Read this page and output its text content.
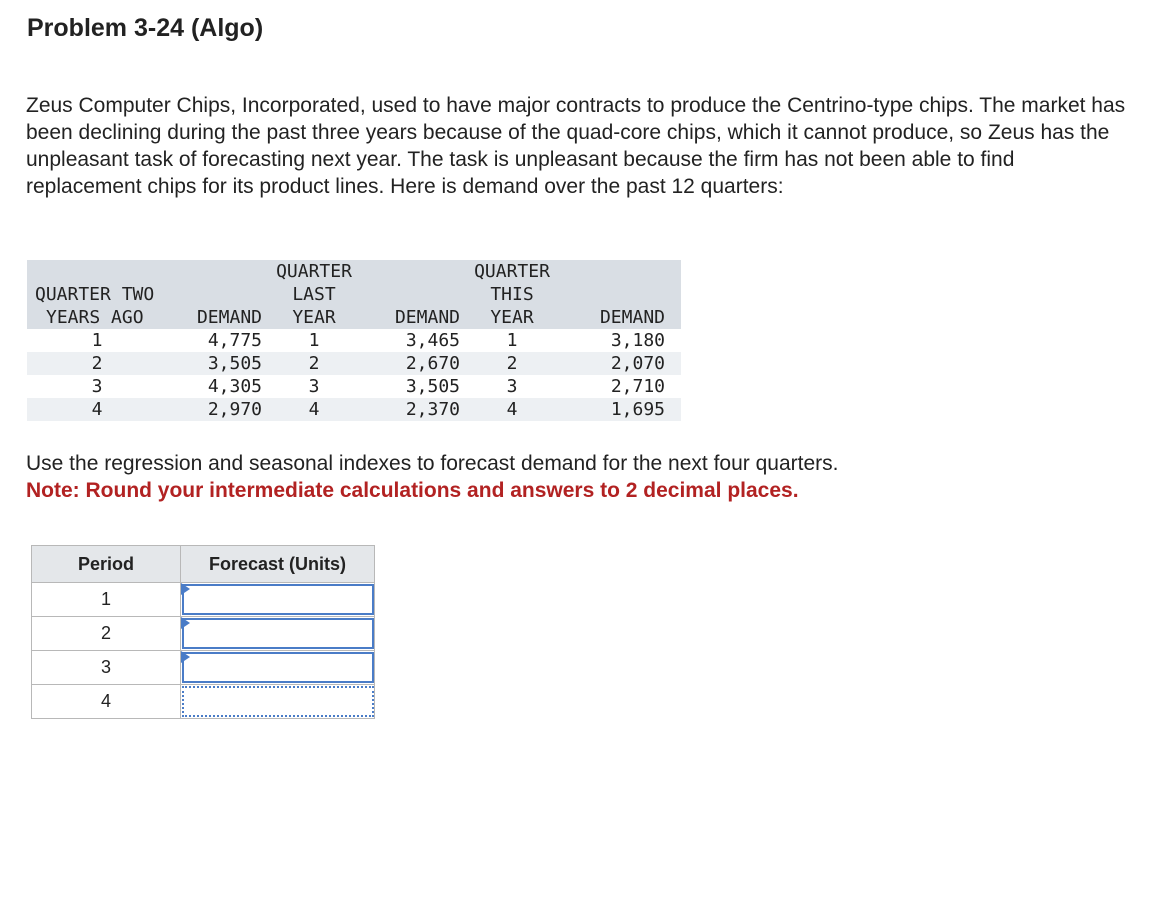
Problem 3-24 (Algo)
Zeus Computer Chips, Incorporated, used to have major contracts to produce the Centrino-type chips. The market has been declining during the past three years because of the quad-core chips, which it cannot produce, so Zeus has the unpleasant task of forecasting next year. The task is unpleasant because the firm has not been able to find replacement chips for its product lines. Here is demand over the past 12 quarters:
QUARTER TWO
YEARS AGO	DEMAND	QUARTER
LAST
YEAR	DEMAND	QUARTER
THIS
YEAR	DEMAND
1	4,775	1	3,465	1	3,180
2	3,505	2	2,670	2	2,070
3	4,305	3	3,505	3	2,710
4	2,970	4	2,370	4	1,695
Use the regression and seasonal indexes to forecast demand for the next four quarters.
Note: Round your intermediate calculations and answers to 2 decimal places.
Period	Forecast (Units)
1	

2	

3	

4	
